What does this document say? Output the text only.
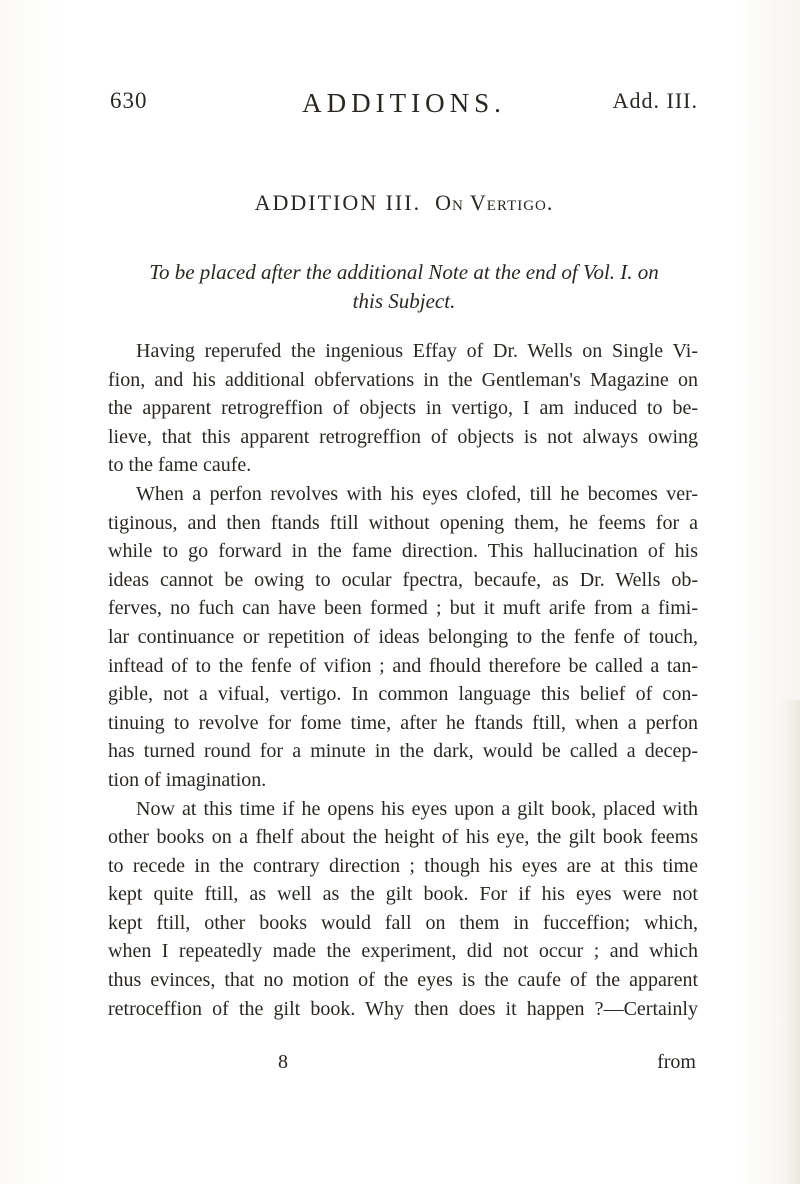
630	ADDITIONS.	Add. III.
ADDITION III. On Vertigo.
To be placed after the additional Note at the end of Vol. I. on
this Subject.
Having reperufed the ingenious Effay of Dr. Wells on Single Vi-
fion, and his additional obfervations in the Gentleman's Magazine on
the apparent retrogreffion of objects in vertigo, I am induced to be-
lieve, that this apparent retrogreffion of objects is not always owing
to the fame caufe.
When a perfon revolves with his eyes clofed, till he becomes ver-
tiginous, and then ftands ftill without opening them, he feems for a
while to go forward in the fame direction. This hallucination of his
ideas cannot be owing to ocular fpectra, becaufe, as Dr. Wells ob-
ferves, no fuch can have been formed ; but it muft arife from a fimi-
lar continuance or repetition of ideas belonging to the fenfe of touch,
inftead of to the fenfe of vifion ; and fhould therefore be called a tan-
gible, not a vifual, vertigo. In common language this belief of con-
tinuing to revolve for fome time, after he ftands ftill, when a perfon
has turned round for a minute in the dark, would be called a decep-
tion of imagination.
Now at this time if he opens his eyes upon a gilt book, placed with
other books on a fhelf about the height of his eye, the gilt book feems
to recede in the contrary direction ; though his eyes are at this time
kept quite ftill, as well as the gilt book. For if his eyes were not
kept ftill, other books would fall on them in fucceffion; which,
when I repeatedly made the experiment, did not occur ; and which
thus evinces, that no motion of the eyes is the caufe of the apparent
retroceffion of the gilt book. Why then does it happen ?—Certainly
8	from
